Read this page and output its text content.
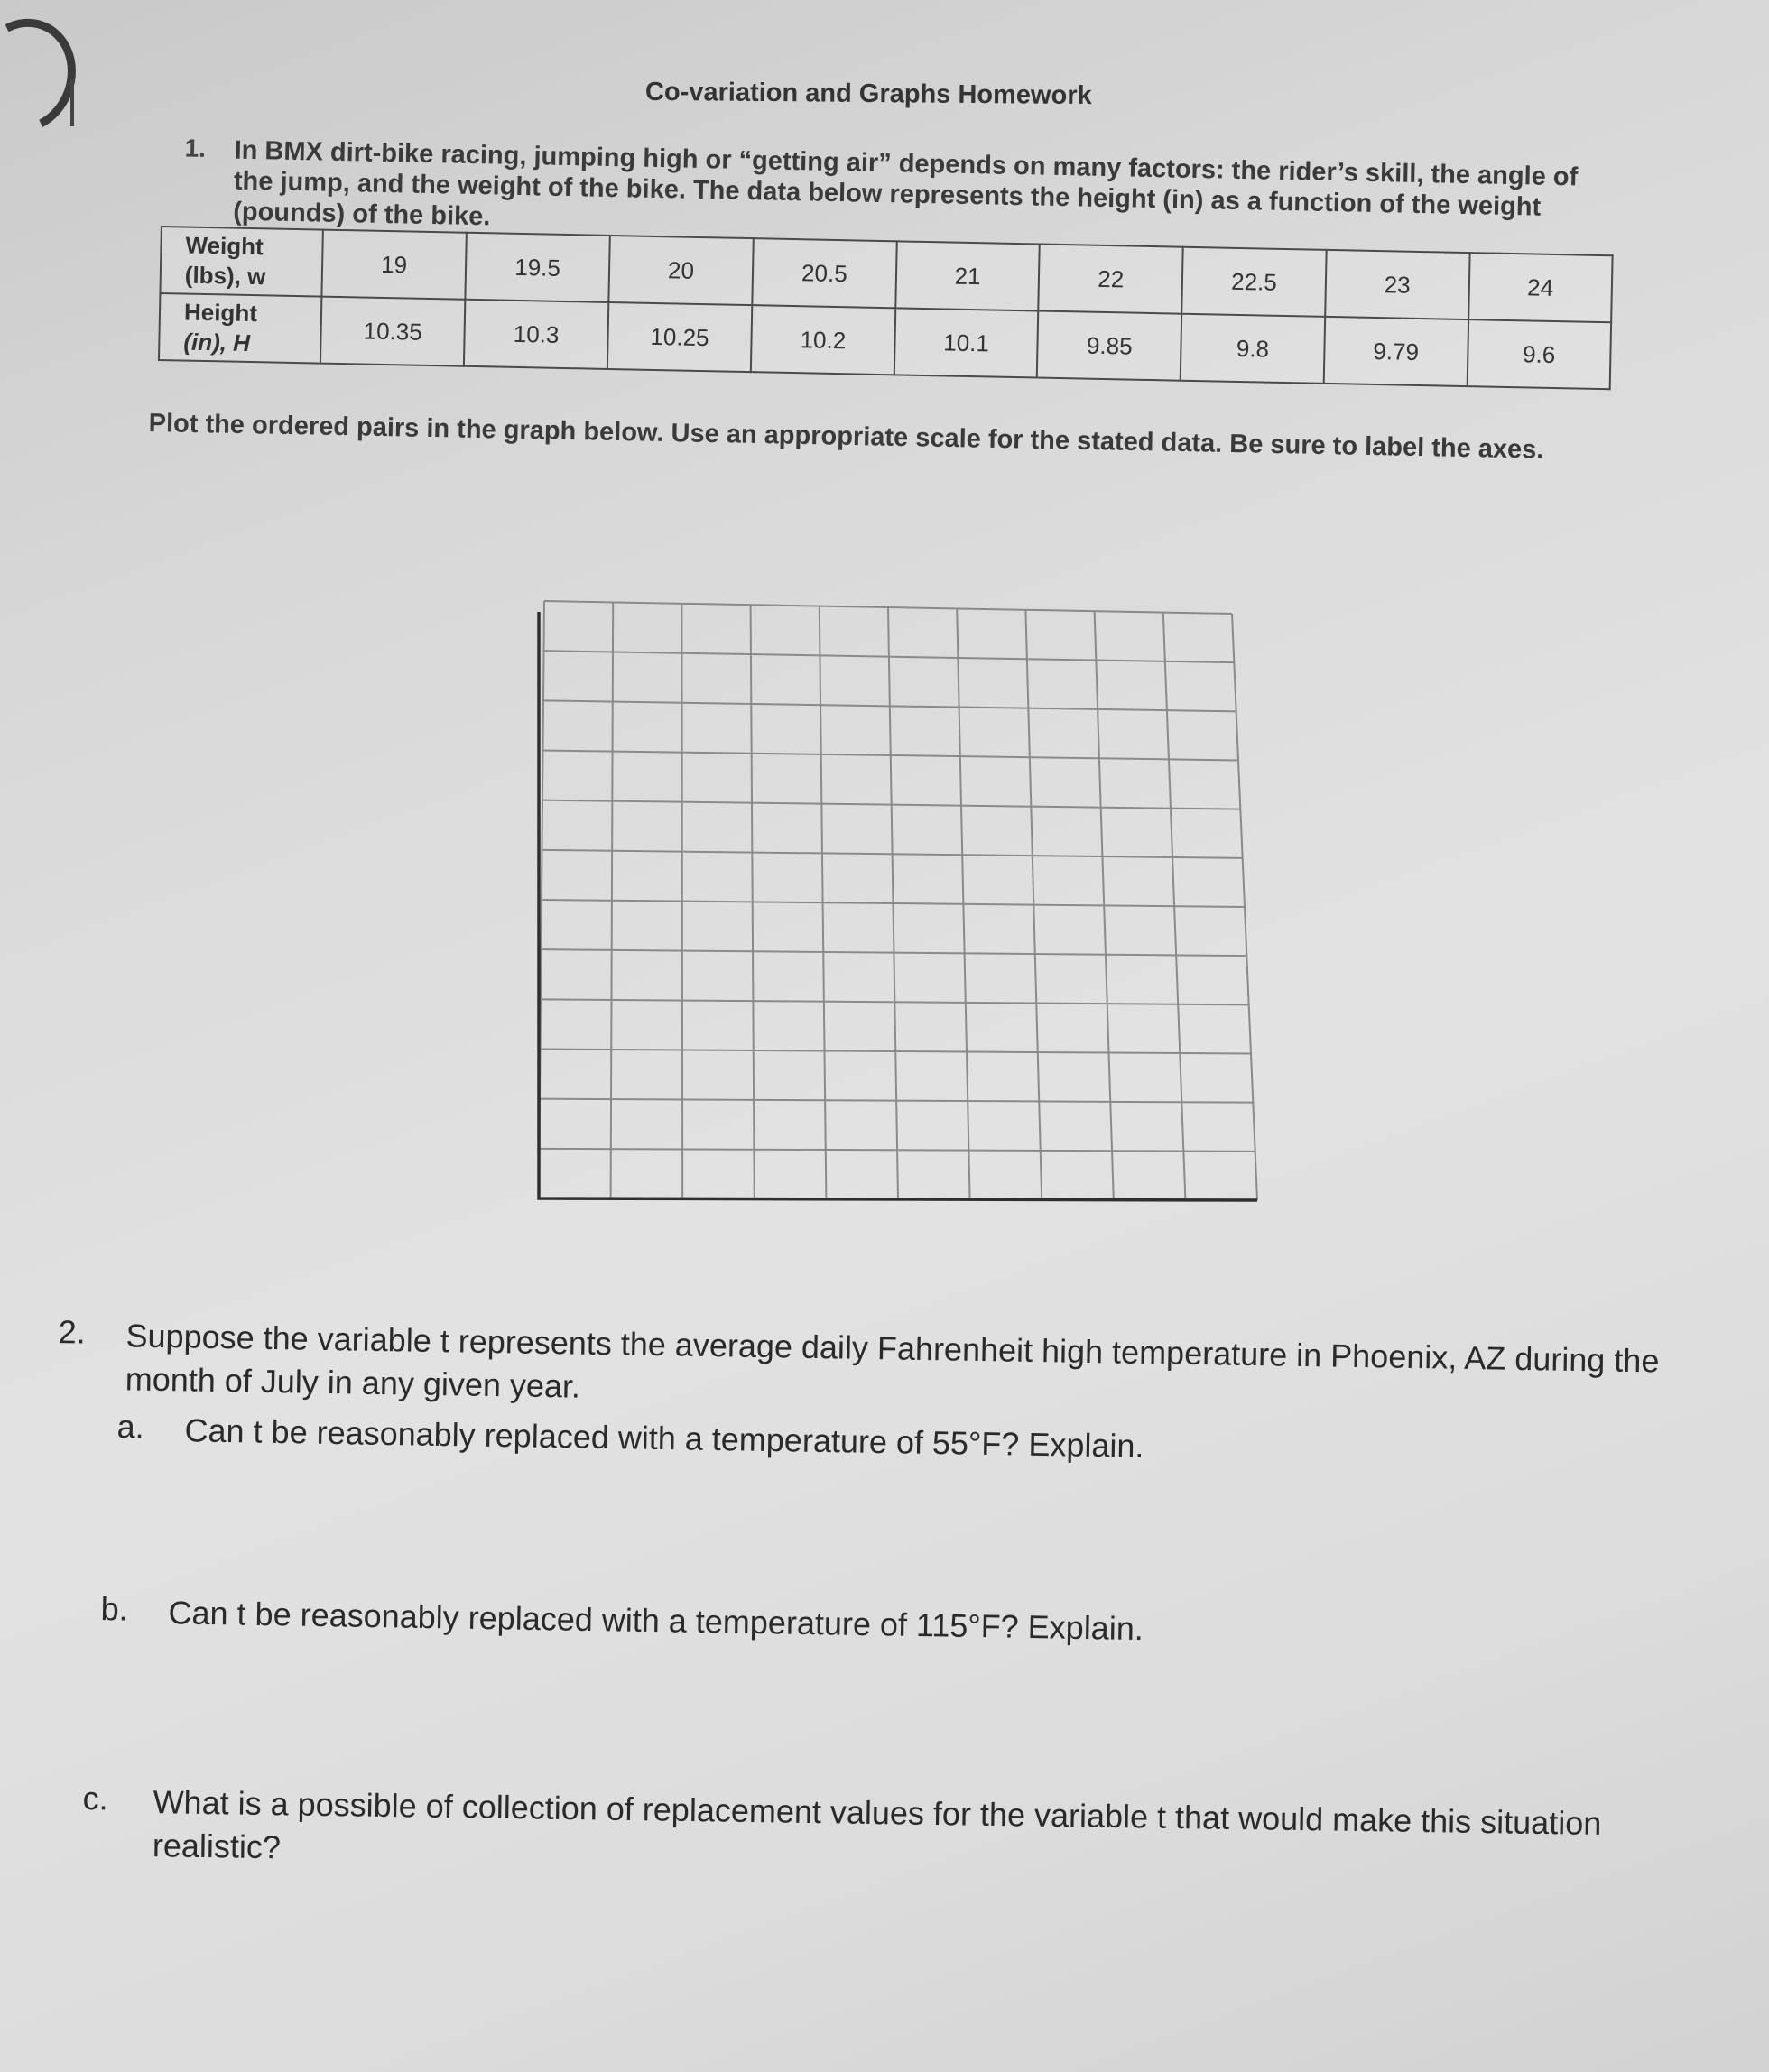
Co-variation and Graphs Homework
1. In BMX dirt-bike racing, jumping high or “getting air” depends on many factors: the rider’s skill, the angle of the jump, and the weight of the bike. The data below represents the height (in) as a function of the weight (pounds) of the bike.

Weight
(lbs), w	19	19.5	20	20.5	21	22	22.5	23	24
Height
(in), H	10.35	10.3	10.25	10.2	10.1	9.85	9.8	9.79	9.6

Plot the ordered pairs in the graph below. Use an appropriate scale for the stated data. Be sure to label the axes.

2. Suppose the variable t represents the average daily Fahrenheit high temperature in Phoenix, AZ during the month of July in any given year.

a. Can t be reasonably replaced with a temperature of 55°F? Explain.

b. Can t be reasonably replaced with a temperature of 115°F? Explain.

c. What is a possible of collection of replacement values for the variable t that would make this situation realistic?
